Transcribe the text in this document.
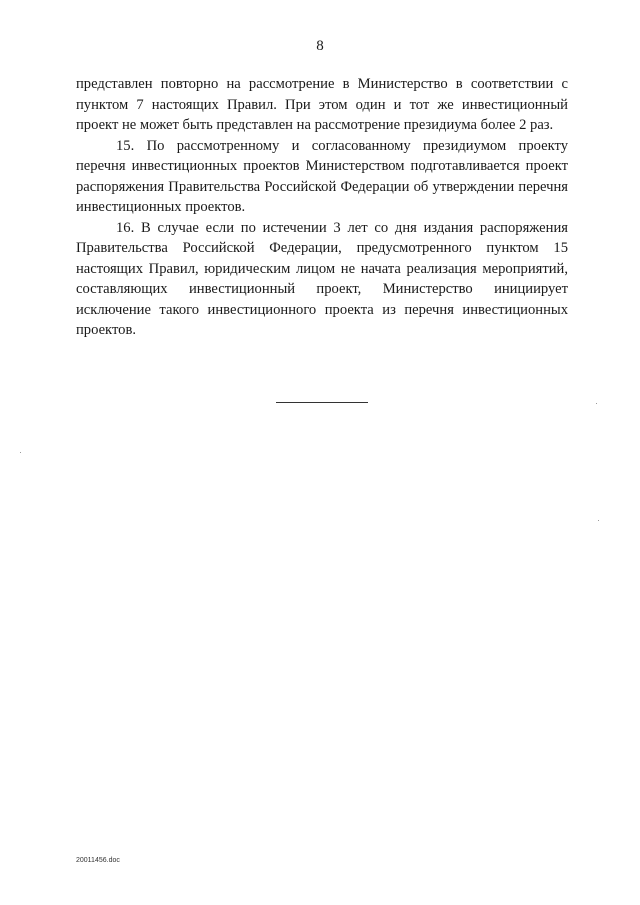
8

представлен повторно на рассмотрение в Министерство в соответствии с пунктом 7 настоящих Правил. При этом один и тот же инвестиционный проект не может быть представлен на рассмотрение президиума более 2 раз.

15. По рассмотренному и согласованному президиумом проекту перечня инвестиционных проектов Министерством подготавливается проект распоряжения Правительства Российской Федерации об утверждении перечня инвестиционных проектов.

16. В случае если по истечении 3 лет со дня издания распоряжения Правительства Российской Федерации, предусмотренного пунктом 15 настоящих Правил, юридическим лицом не начата реализация мероприятий, составляющих инвестиционный проект, Министерство инициирует исключение такого инвестиционного проекта из перечня инвестиционных проектов.

20011456.doc
